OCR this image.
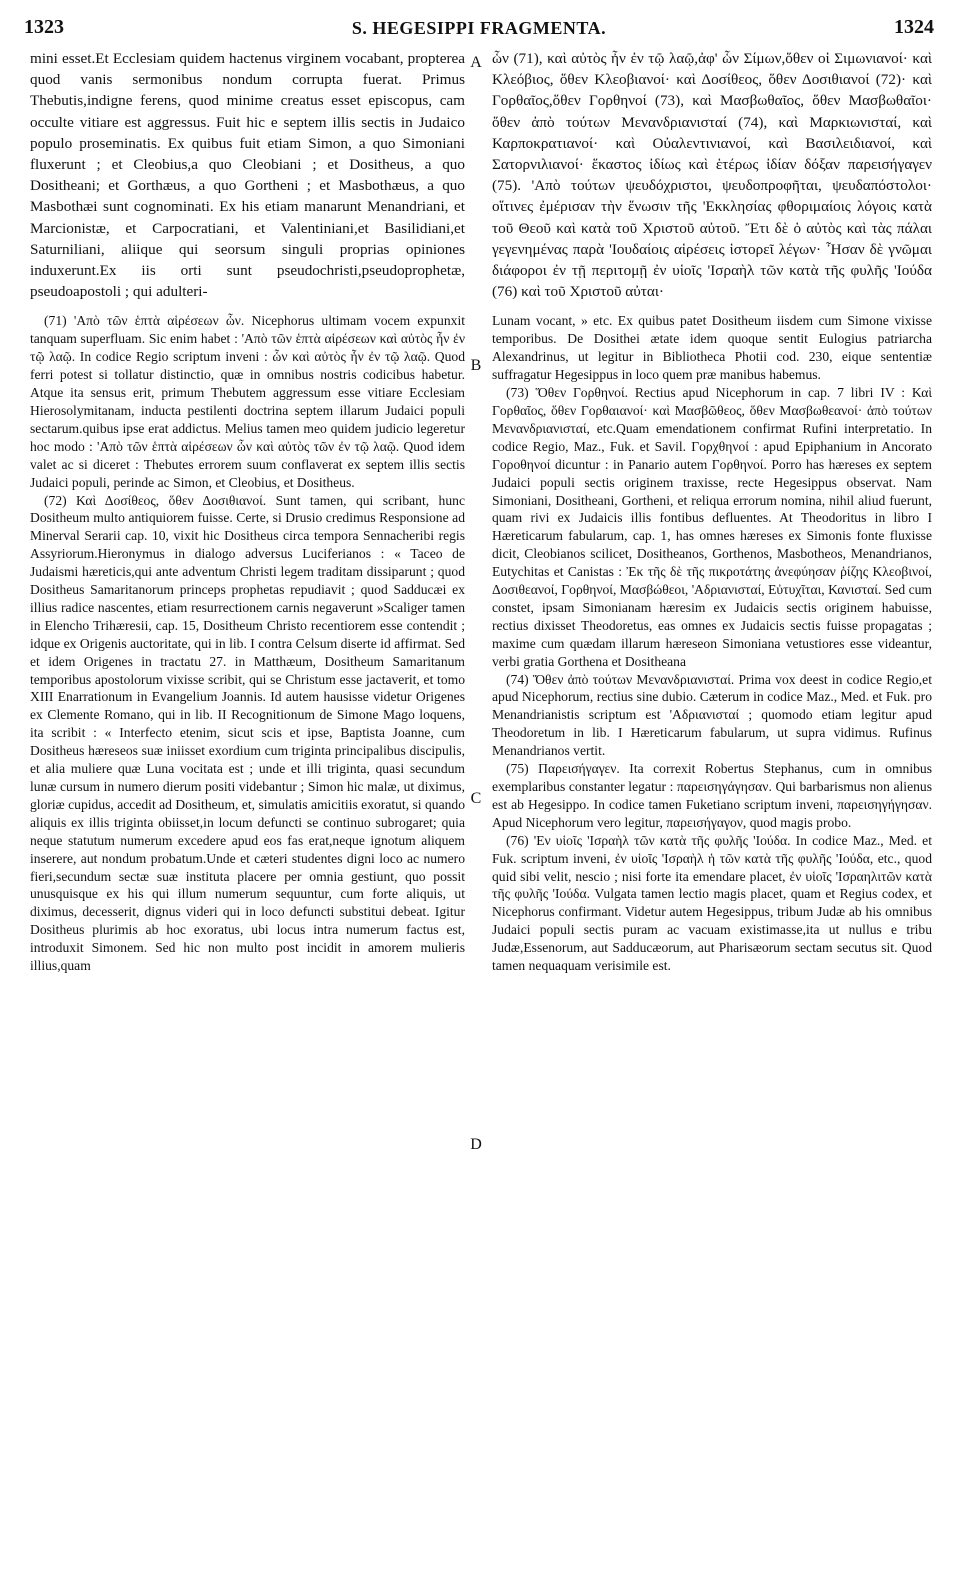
1323	S. HEGESIPPI FRAGMENTA.	1324
A
B
C
D

mini esset.Et Ecclesiam quidem hactenus virginem vocabant, propterea quod vanis sermonibus nondum corrupta fuerat. Primus Thebutis,indigne ferens, quod minime creatus esset episcopus, cam occulte vitiare est aggressus. Fuit hic e septem illis sectis in Judaico populo proseminatis. Ex quibus fuit etiam Simon, a quo Simoniani fluxerunt ; et Cleobius,a quo Cleobiani ; et Dositheus, a quo Dositheani; et Gorthæus, a quo Gortheni ; et Masbothæus, a quo Masbothæi sunt cognominati. Ex his etiam manarunt Menandriani, et Marcionistæ, et Carpocratiani, et Valentiniani,et Basilidiani,et Saturniliani, aliique qui seorsum singuli proprias opiniones induxerunt.Ex iis orti sunt pseudochristi,pseudoprophetæ, pseudoapostoli ; qui adulteri-

(71) 'Απὸ τῶν ἑπτὰ αἱρέσεων ὧν. Nicephorus ultimam vocem expunxit tanquam superfluam. Sic enim habet : 'Απὸ τῶν ἑπτὰ αἱρέσεων καὶ αὐτὸς ἦν ἐν τῷ λαῷ. In codice Regio scriptum inveni : ὧν καὶ αὐτὸς ἦν ἐν τῷ λαῷ. Quod ferri potest si tollatur distinctio, quæ in omnibus nostris codicibus habetur. Atque ita sensus erit, primum Thebutem aggressum esse vitiare Ecclesiam Hierosolymitanam, inducta pestilenti doctrina septem illarum Judaici populi sectarum.quibus ipse erat addictus. Melius tamen meo quidem judicio legeretur hoc modo : 'Απὸ τῶν ἑπτὰ αἱρέσεων ὧν καὶ αὐτὸς τῶν ἐν τῷ λαῷ. Quod idem valet ac si diceret : Thebutes errorem suum conflaverat ex septem illis sectis Judaici populi, perinde ac Simon, et Cleobius, et Dositheus.

(72) Καὶ Δοσίθεος, ὅθεν Δοσιθιανοί. Sunt tamen, qui scribant, hunc Dositheum multo antiquiorem fuisse. Certe, si Drusio credimus Responsione ad Minerval Serarii cap. 10, vixit hic Dositheus circa tempora Sennacheribi regis Assyriorum.Hieronymus in dialogo adversus Luciferianos : « Taceo de Judaismi hæreticis,qui ante adventum Christi legem traditam dissiparunt ; quod Dositheus Samaritanorum princeps prophetas repudiavit ; quod Sadducæi ex illius radice nascentes, etiam resurrectionem carnis negaverunt »Scaliger tamen in Elencho Trihæresii, cap. 15, Dositheum Christo recentiorem esse contendit ; idque ex Origenis auctoritate, qui in lib. I contra Celsum diserte id affirmat. Sed et idem Origenes in tractatu 27. in Matthæum, Dositheum Samaritanum temporibus apostolorum vixisse scribit, qui se Christum esse jactaverit, et tomo XIII Enarrationum in Evangelium Joannis. Id autem hausisse videtur Origenes ex Clemente Romano, qui in lib. II Recognitionum de Simone Mago loquens, ita scribit : « Interfecto etenim, sicut scis et ipse, Baptista Joanne, cum Dositheus hæreseos suæ iniisset exordium cum triginta principalibus discipulis, et alia muliere quæ Luna vocitata est ; unde et illi triginta, quasi secundum lunæ cursum in numero dierum positi videbantur ; Simon hic malæ, ut diximus, gloriæ cupidus, accedit ad Dositheum, et, simulatis amicitiis exoratut, si quando aliquis ex illis triginta obiisset,in locum defuncti se continuo subrogaret; quia neque statutum numerum excedere apud eos fas erat,neque ignotum aliquem inserere, aut nondum probatum.Unde et cæteri studentes digni loco ac numero fieri,secundum sectæ suæ instituta placere per omnia gestiunt, quo possit unusquisque ex his qui illum numerum sequuntur, cum forte aliquis, ut diximus, decesserit, dignus videri qui in loco defuncti substitui debeat. Igitur Dositheus plurimis ab hoc exoratus, ubi locus intra numerum factus est, introduxit Simonem. Sed hic non multo post incidit in amorem mulieris illius,quam

ὧν (71), καὶ αὐτὸς ἦν ἐν τῷ λαῷ,ἀφ' ὧν Σίμων,ὅθεν οἱ Σιμωνιανοί· καὶ Κλεόβιος, ὅθεν Κλεοβιανοί· καὶ Δοσίθεος, ὅθεν Δοσιθιανοί (72)· καὶ Γορθαῖος,ὅθεν Γορθηνοί (73), καὶ Μασβωθαῖος, ὅθεν Μασβωθαῖοι· ὅθεν ἀπὸ τούτων Μενανδριανισταί (74), καὶ Μαρκιωνισταί, καὶ Καρποκρατιανοί· καὶ Οὐαλεντινιανοί, καὶ Βασιλειδιανοί, καὶ Σατορνιλιανοί· ἕκαστος ἰδίως καὶ ἑτέρως ἰδίαν δόξαν παρεισήγαγεν (75). 'Απὸ τούτων ψευδόχριστοι, ψευδοπροφῆται, ψευδαπόστολοι· οἵτινες ἐμέρισαν τὴν ἕνωσιν τῆς 'Εκκλησίας φθοριμαίοις λόγοις κατὰ τοῦ Θεοῦ καὶ κατὰ τοῦ Χριστοῦ αὐτοῦ. Ἔτι δὲ ὁ αὐτὸς καὶ τὰς πάλαι γεγενημένας παρὰ 'Ιουδαίοις αἱρέσεις ἱστορεῖ λέγων· Ἦσαν δὲ γνῶμαι διάφοροι ἐν τῇ περιτομῇ ἐν υἱοῖς 'Ισραὴλ τῶν κατὰ τῆς φυλῆς 'Ιούδα (76) καὶ τοῦ Χριστοῦ αὐται·

Lunam vocant, » etc. Ex quibus patet Dositheum iisdem cum Simone vixisse temporibus. De Dosithei ætate idem quoque sentit Eulogius patriarcha Alexandrinus, ut legitur in Bibliotheca Photii cod. 230, eique sententiæ suffragatur Hegesippus in loco quem præ manibus habemus.

(73) Ὅθεν Γορθηνοί. Rectius apud Nicephorum in cap. 7 libri IV : Καὶ Γορθαῖος, ὅθεν Γορθαιανοί· καὶ Μασβῶθεος, ὅθεν Μασβωθεανοί· ἀπὸ τούτων Μενανδριανισταί, etc.Quam emendationem confirmat Rufini interpretatio. In codice Regio, Maz., Fuk. et Savil. Γορχθηνοί : apud Epiphanium in Ancorato Γοροθηνοί dicuntur : in Panario autem Γορθηνοί. Porro has hæreses ex septem Judaici populi sectis originem traxisse, recte Hegesippus observat. Nam Simoniani, Dositheani, Gortheni, et reliqua errorum nomina, nihil aliud fuerunt, quam rivi ex Judaicis illis fontibus defluentes. At Theodoritus in libro I Hæreticarum fabularum, cap. 1, has omnes hæreses ex Simonis fonte fluxisse dicit, Cleobianos scilicet, Dositheanos, Gorthenos, Masbotheos, Menandrianos, Eutychitas et Canistas : Ἐκ τῆς δὲ τῆς πικροτάτης ἀνεφύησαν ῥίζης Κλεοβινοί, Δοσιθεανοί, Γορθηνοί, Μασβώθεοι, 'Αδριανισταί, Εὐτυχῖται, Κανισταί. Sed cum constet, ipsam Simonianam hæresim ex Judaicis sectis originem habuisse, rectius dixisset Theodoretus, eas omnes ex Judaicis sectis fuisse propagatas ; maxime cum quædam illarum hæreseon Simoniana vetustiores esse videantur, verbi gratia Gorthena et Dositheana

(74) Ὅθεν ἀπὸ τούτων Μενανδριανισταί. Prima vox deest in codice Regio,et apud Nicephorum, rectius sine dubio. Cæterum in codice Maz., Med. et Fuk. pro Menandrianistis scriptum est 'Αδριανισταί ; quomodo etiam legitur apud Theodoretum in lib. I Hæreticarum fabularum, ut supra vidimus. Rufinus Menandrianos vertit.

(75) Παρεισήγαγεν. Ita correxit Robertus Stephanus, cum in omnibus exemplaribus constanter legatur : παρεισηγάγησαν. Qui barbarismus non alienus est ab Hegesippo. In codice tamen Fuketiano scriptum inveni, παρεισηγήγησαν. Apud Nicephorum vero legitur, παρεισήγαγον, quod magis probo.

(76) 'Εν υἱοῖς 'Ισραὴλ τῶν κατὰ τῆς φυλῆς 'Ιούδα. In codice Maz., Med. et Fuk. scriptum inveni, ἐν υἱοῖς 'Ισραὴλ ἡ τῶν κατὰ τῆς φυλῆς 'Ιούδα, etc., quod quid sibi velit, nescio ; nisi forte ita emendare placet, ἐν υἱοῖς 'Ισραηλιτῶν κατὰ τῆς φυλῆς 'Ιούδα. Vulgata tamen lectio magis placet, quam et Regius codex, et Nicephorus confirmant. Videtur autem Hegesippus, tribum Judæ ab his omnibus Judaici populi sectis puram ac vacuam existimasse,ita ut nullus e tribu Judæ,Essenorum, aut Sadducæorum, aut Pharisæorum sectam secutus sit. Quod tamen nequaquam verisimile est.
